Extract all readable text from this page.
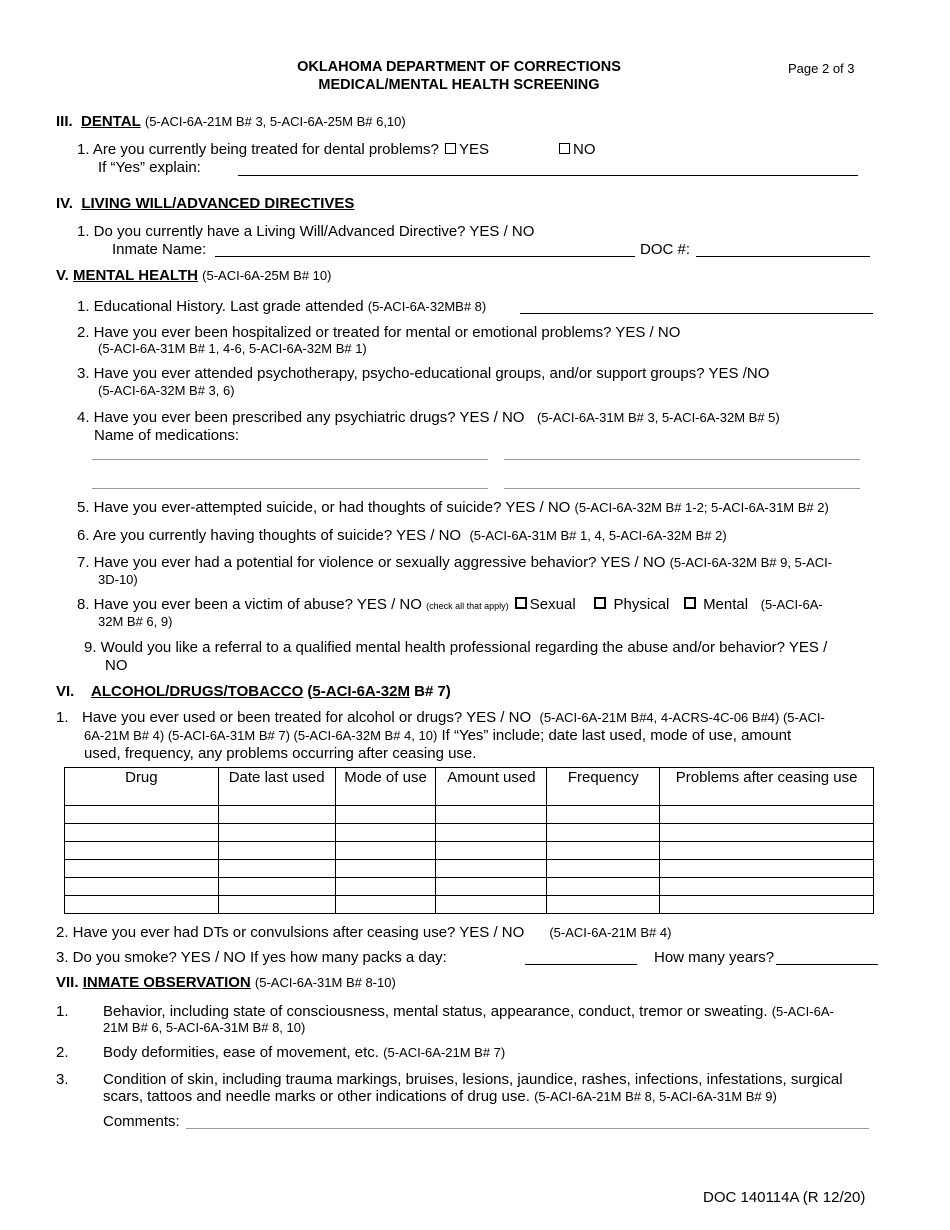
OKLAHOMA DEPARTMENT OF CORRECTIONS
MEDICAL/MENTAL HEALTH SCREENING
Page 2 of 3
III. DENTAL (5-ACI-6A-21M B# 3, 5-ACI-6A-25M B# 6,10)
1. Are you currently being treated for dental problems? YES	NO
If “Yes” explain:
IV. LIVING WILL/ADVANCED DIRECTIVES
1. Do you currently have a Living Will/Advanced Directive? YES / NO
Inmate Name:	DOC #:
V. MENTAL HEALTH (5-ACI-6A-25M B# 10)
1. Educational History. Last grade attended (5-ACI-6A-32MB# 8)
2. Have you ever been hospitalized or treated for mental or emotional problems? YES / NO
(5-ACI-6A-31M B# 1, 4-6, 5-ACI-6A-32M B# 1)
3. Have you ever attended psychotherapy, psycho-educational groups, and/or support groups? YES /NO
(5-ACI-6A-32M B# 3, 6)
4. Have you ever been prescribed any psychiatric drugs? YES / NO (5-ACI-6A-31M B# 3, 5-ACI-6A-32M B# 5)
Name of medications:
5. Have you ever-attempted suicide, or had thoughts of suicide? YES / NO (5-ACI-6A-32M B# 1-2; 5-ACI-6A-31M B# 2)
6. Are you currently having thoughts of suicide? YES / NO (5-ACI-6A-31M B# 1, 4, 5-ACI-6A-32M B# 2)
7. Have you ever had a potential for violence or sexually aggressive behavior? YES / NO (5-ACI-6A-32M B# 9, 5-ACI-
3D-10)
8. Have you ever been a victim of abuse? YES / NO (check all that apply) Sexual	Physical Mental (5-ACI-6A-
32M B# 6, 9)
9. Would you like a referral to a qualified mental health professional regarding the abuse and/or behavior? YES /
NO
VI. ALCOHOL/DRUGS/TOBACCO (5-ACI-6A-32M B# 7)
1. Have you ever used or been treated for alcohol or drugs? YES / NO (5-ACI-6A-21M B#4, 4-ACRS-4C-06 B#4) (5-ACI-
6A-21M B# 4) (5-ACI-6A-31M B# 7) (5-ACI-6A-32M B# 4, 10) If “Yes” include; date last used, mode of use, amount
used, frequency, any problems occurring after ceasing use.
Drug	Date last used	Mode of use	Amount used	Frequency	Problems after ceasing use

2. Have you ever had DTs or convulsions after ceasing use? YES / NO (5-ACI-6A-21M B# 4)
3. Do you smoke? YES / NO If yes how many packs a day:	How many years?
VII. INMATE OBSERVATION (5-ACI-6A-31M B# 8-10)
1. Behavior, including state of consciousness, mental status, appearance, conduct, tremor or sweating. (5-ACI-6A-
21M B# 6, 5-ACI-6A-31M B# 8, 10)
2. Body deformities, ease of movement, etc. (5-ACI-6A-21M B# 7)
3. Condition of skin, including trauma markings, bruises, lesions, jaundice, rashes, infections, infestations, surgical
scars, tattoos and needle marks or other indications of drug use. (5-ACI-6A-21M B# 8, 5-ACI-6A-31M B# 9)
Comments:
DOC 140114A (R 12/20)
